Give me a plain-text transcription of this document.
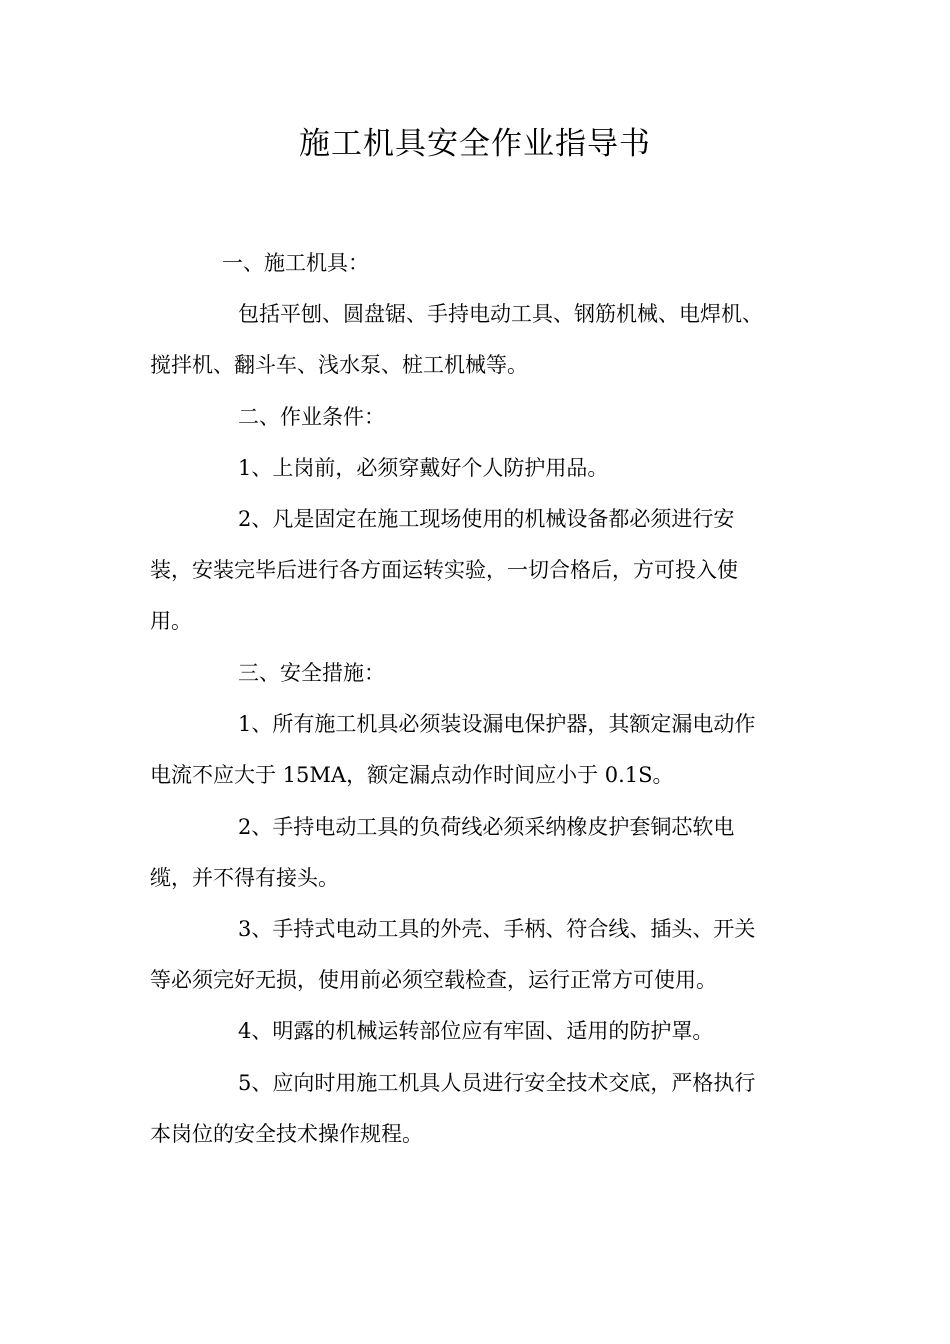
施工机具安全作业指导书
一、施工机具：
包括平刨、圆盘锯、手持电动工具、钢筋机械、电焊机、
搅拌机、翻斗车、浅水泵、桩工机械等。
二、作业条件：
1、上岗前，必须穿戴好个人防护用品。
2、凡是固定在施工现场使用的机械设备都必须进行安
装，安装完毕后进行各方面运转实验，一切合格后，方可投入使
用。
三、安全措施：
1、所有施工机具必须装设漏电保护器，其额定漏电动作
电流不应大于 15MA，额定漏点动作时间应小于 0.1S。
2、手持电动工具的负荷线必须采纳橡皮护套铜芯软电
缆，并不得有接头。
3、手持式电动工具的外壳、手柄、符合线、插头、开关
等必须完好无损，使用前必须空载检查，运行正常方可使用。
4、明露的机械运转部位应有牢固、适用的防护罩。
5、应向时用施工机具人员进行安全技术交底，严格执行
本岗位的安全技术操作规程。
